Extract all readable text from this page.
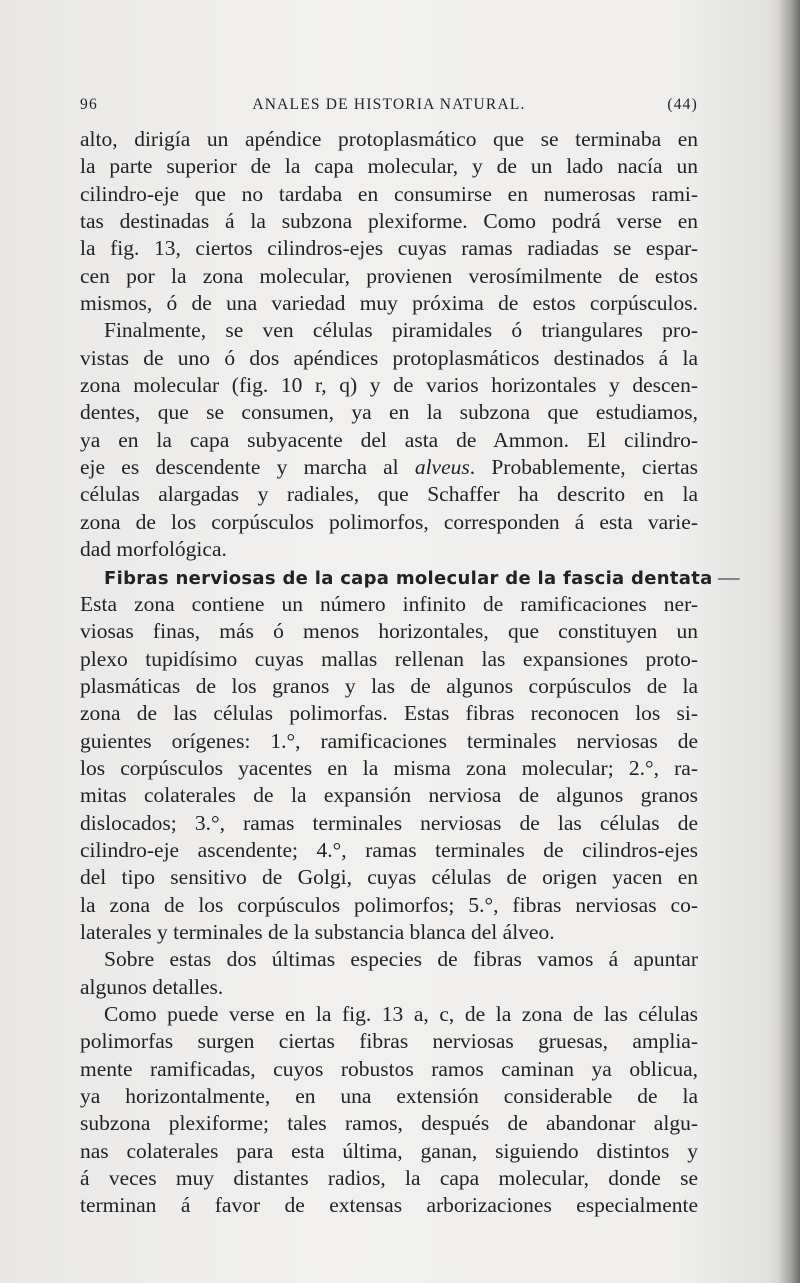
96	ANALES DE HISTORIA NATURAL.	(44)
alto, dirigía un apéndice protoplasmático que se terminaba en
la parte superior de la capa molecular, y de un lado nacía un
cilindro-eje que no tardaba en consumirse en numerosas rami-
tas destinadas á la subzona plexiforme. Como podrá verse en
la fig. 13, ciertos cilindros-ejes cuyas ramas radiadas se espar-
cen por la zona molecular, provienen verosímilmente de estos
mismos, ó de una variedad muy próxima de estos corpúsculos.
Finalmente, se ven células piramidales ó triangulares pro-
vistas de uno ó dos apéndices protoplasmáticos destinados á la
zona molecular (fig. 10 r, q) y de varios horizontales y descen-
dentes, que se consumen, ya en la subzona que estudiamos,
ya en la capa subyacente del asta de Ammon. El cilindro-
eje es descendente y marcha al alveus. Probablemente, ciertas
células alargadas y radiales, que Schaffer ha descrito en la
zona de los corpúsculos polimorfos, corresponden á esta varie-
dad morfológica.
Fibras nerviosas de la capa molecular de la fascia dentata —
Esta zona contiene un número infinito de ramificaciones ner-
viosas finas, más ó menos horizontales, que constituyen un
plexo tupidísimo cuyas mallas rellenan las expansiones proto-
plasmáticas de los granos y las de algunos corpúsculos de la
zona de las células polimorfas. Estas fibras reconocen los si-
guientes orígenes: 1.°, ramificaciones terminales nerviosas de
los corpúsculos yacentes en la misma zona molecular; 2.°, ra-
mitas colaterales de la expansión nerviosa de algunos granos
dislocados; 3.°, ramas terminales nerviosas de las células de
cilindro-eje ascendente; 4.°, ramas terminales de cilindros-ejes
del tipo sensitivo de Golgi, cuyas células de origen yacen en
la zona de los corpúsculos polimorfos; 5.°, fibras nerviosas co-
laterales y terminales de la substancia blanca del álveo.
Sobre estas dos últimas especies de fibras vamos á apuntar
algunos detalles.
Como puede verse en la fig. 13 a, c, de la zona de las células
polimorfas surgen ciertas fibras nerviosas gruesas, amplia-
mente ramificadas, cuyos robustos ramos caminan ya oblicua,
ya horizontalmente, en una extensión considerable de la
subzona plexiforme; tales ramos, después de abandonar algu-
nas colaterales para esta última, ganan, siguiendo distintos y
á veces muy distantes radios, la capa molecular, donde se
terminan á favor de extensas arborizaciones especialmente
